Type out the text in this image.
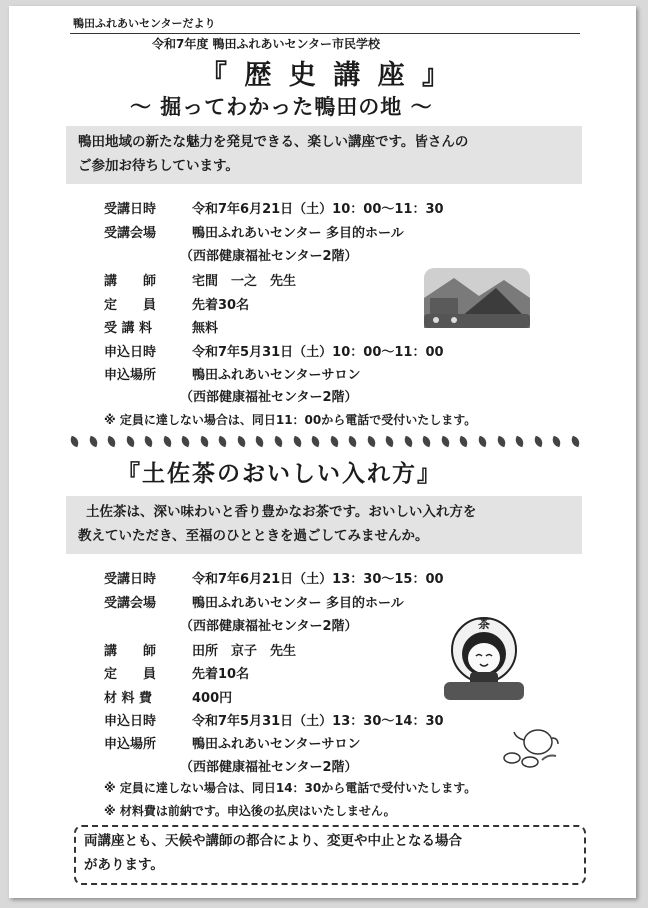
鴨田ふれあいセンターだより
令和7年度 鴨田ふれあいセンター市民学校
『 歴 史 講 座 』
～ 掘ってわかった鴨田の地 ～
鴨田地域の新たな魅力を発見できる、楽しい講座です。皆さんの
ご参加お待ちしています。
受講日時	令和7年6月21日（土）10：00～11：30
受講会場	鴨田ふれあいセンター 多目的ホール
（西部健康福祉センター2階）
講　　師	宅間　一之　先生
定　　員	先着30名
受 講 料	無料
申込日時	令和7年5月31日（土）10：00～11：00
申込場所	鴨田ふれあいセンターサロン
（西部健康福祉センター2階）
※ 定員に達しない場合は、同日11：00から電話で受付いたします。
『土佐茶のおいしい入れ方』
土佐茶は、深い味わいと香り豊かなお茶です。おいしい入れ方を
教えていただき、至福のひとときを過ごしてみませんか。
受講日時	令和7年6月21日（土）13：30～15：00
受講会場	鴨田ふれあいセンター 多目的ホール
（西部健康福祉センター2階）
講　　師	田所　京子　先生
定　　員	先着10名
材 料 費	400円
申込日時	令和7年5月31日（土）13：30～14：30
申込場所	鴨田ふれあいセンターサロン
（西部健康福祉センター2階）
※ 定員に達しない場合は、同日14：30から電話で受付いたします。
※ 材料費は前納です。申込後の払戻はいたしません。
茶
両講座とも、天候や講師の都合により、変更や中止となる場合
があります。
